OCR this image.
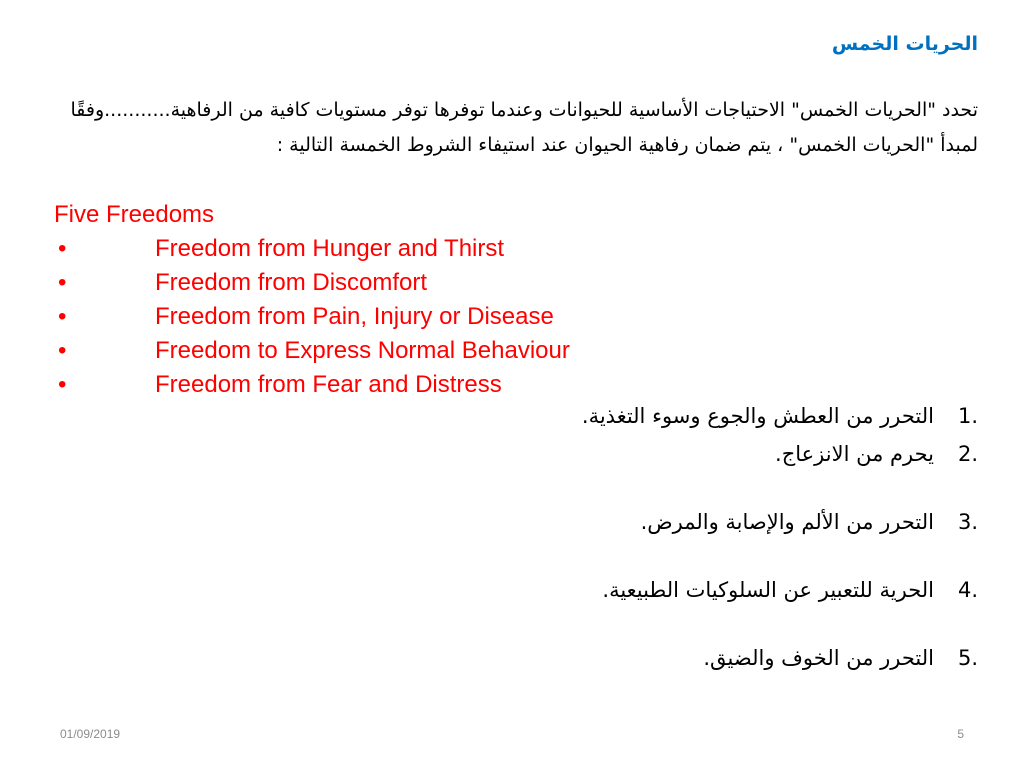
الحريات الخمس
تحدد "الحريات الخمس" الاحتياجات الأساسية للحيوانات وعندما توفرها توفر مستويات كافية من الرفاهية...........وفقًا لمبدأ "الحريات الخمس" ، يتم ضمان رفاهية الحيوان عند استيفاء الشروط الخمسة التالية :
Five Freedoms
•	Freedom from Hunger and Thirst
•	Freedom from Discomfort
•	Freedom from Pain, Injury or Disease
•	Freedom to Express Normal Behaviour
•	Freedom from Fear and Distress
1.
التحرر من العطش والجوع وسوء التغذية.
2.
يحرم من الانزعاج.
3.
التحرر من الألم والإصابة والمرض.
4.
الحرية للتعبير عن السلوكيات الطبيعية.
5.
التحرر من الخوف والضيق.
01/09/2019	5
